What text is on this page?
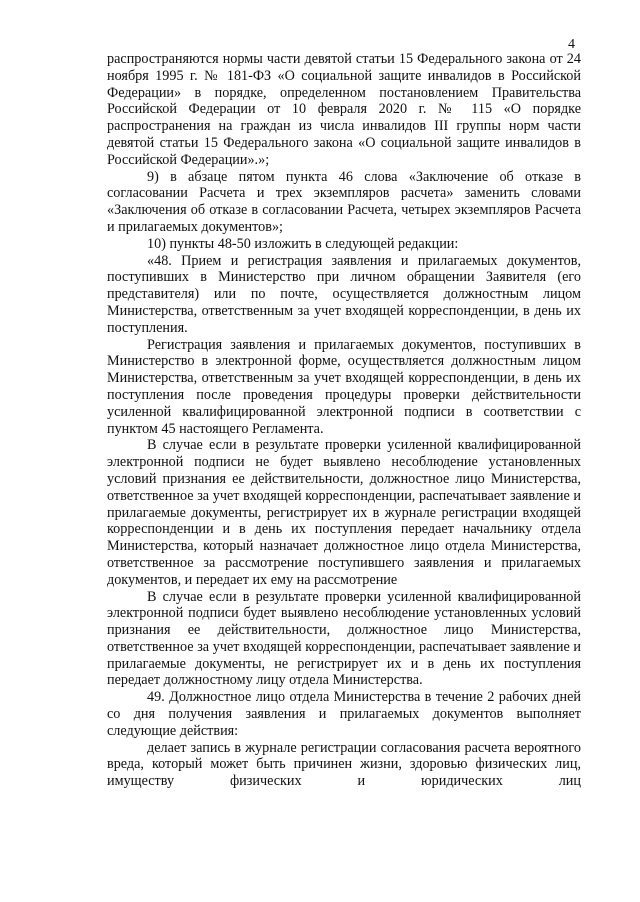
4

распространяются нормы части девятой статьи 15 Федерального закона от 24 ноября 1995 г. № 181-ФЗ «О социальной защите инвалидов в Российской Федерации» в порядке, определенном постановлением Правительства Российской Федерации от 10 февраля 2020 г. № 115 «О порядке распространения на граждан из числа инвалидов III группы норм части девятой статьи 15 Федерального закона «О социальной защите инвалидов в Российской Федерации».»;

9) в абзаце пятом пункта 46 слова «Заключение об отказе в согласовании Расчета и трех экземпляров расчета» заменить словами «Заключения об отказе в согласовании Расчета, четырех экземпляров Расчета и прилагаемых документов»;

10) пункты 48-50 изложить в следующей редакции:

«48. Прием и регистрация заявления и прилагаемых документов, поступивших в Министерство при личном обращении Заявителя (его представителя) или по почте, осуществляется должностным лицом Министерства, ответственным за учет входящей корреспонденции, в день их поступления.

Регистрация заявления и прилагаемых документов, поступивших в Министерство в электронной форме, осуществляется должностным лицом Министерства, ответственным за учет входящей корреспонденции, в день их поступления после проведения процедуры проверки действительности усиленной квалифицированной электронной подписи в соответствии с пунктом 45 настоящего Регламента.

В случае если в результате проверки усиленной квалифицированной электронной подписи не будет выявлено несоблюдение установленных условий признания ее действительности, должностное лицо Министерства, ответственное за учет входящей корреспонденции, распечатывает заявление и прилагаемые документы, регистрирует их в журнале регистрации входящей корреспонденции и в день их поступления передает начальнику отдела Министерства, который назначает должностное лицо отдела Министерства, ответственное за рассмотрение поступившего заявления и прилагаемых документов, и передает их ему на рассмотрение

В случае если в результате проверки усиленной квалифицированной электронной подписи будет выявлено несоблюдение установленных условий признания ее действительности, должностное лицо Министерства, ответственное за учет входящей корреспонденции, распечатывает заявление и прилагаемые документы, не регистрирует их и в день их поступления передает должностному лицу отдела Министерства.

49. Должностное лицо отдела Министерства в течение 2 рабочих дней со дня получения заявления и прилагаемых документов выполняет следующие действия:

делает запись в журнале регистрации согласования расчета вероятного вреда, который может быть причинен жизни, здоровью физических лиц, имуществу физических и юридических лиц
